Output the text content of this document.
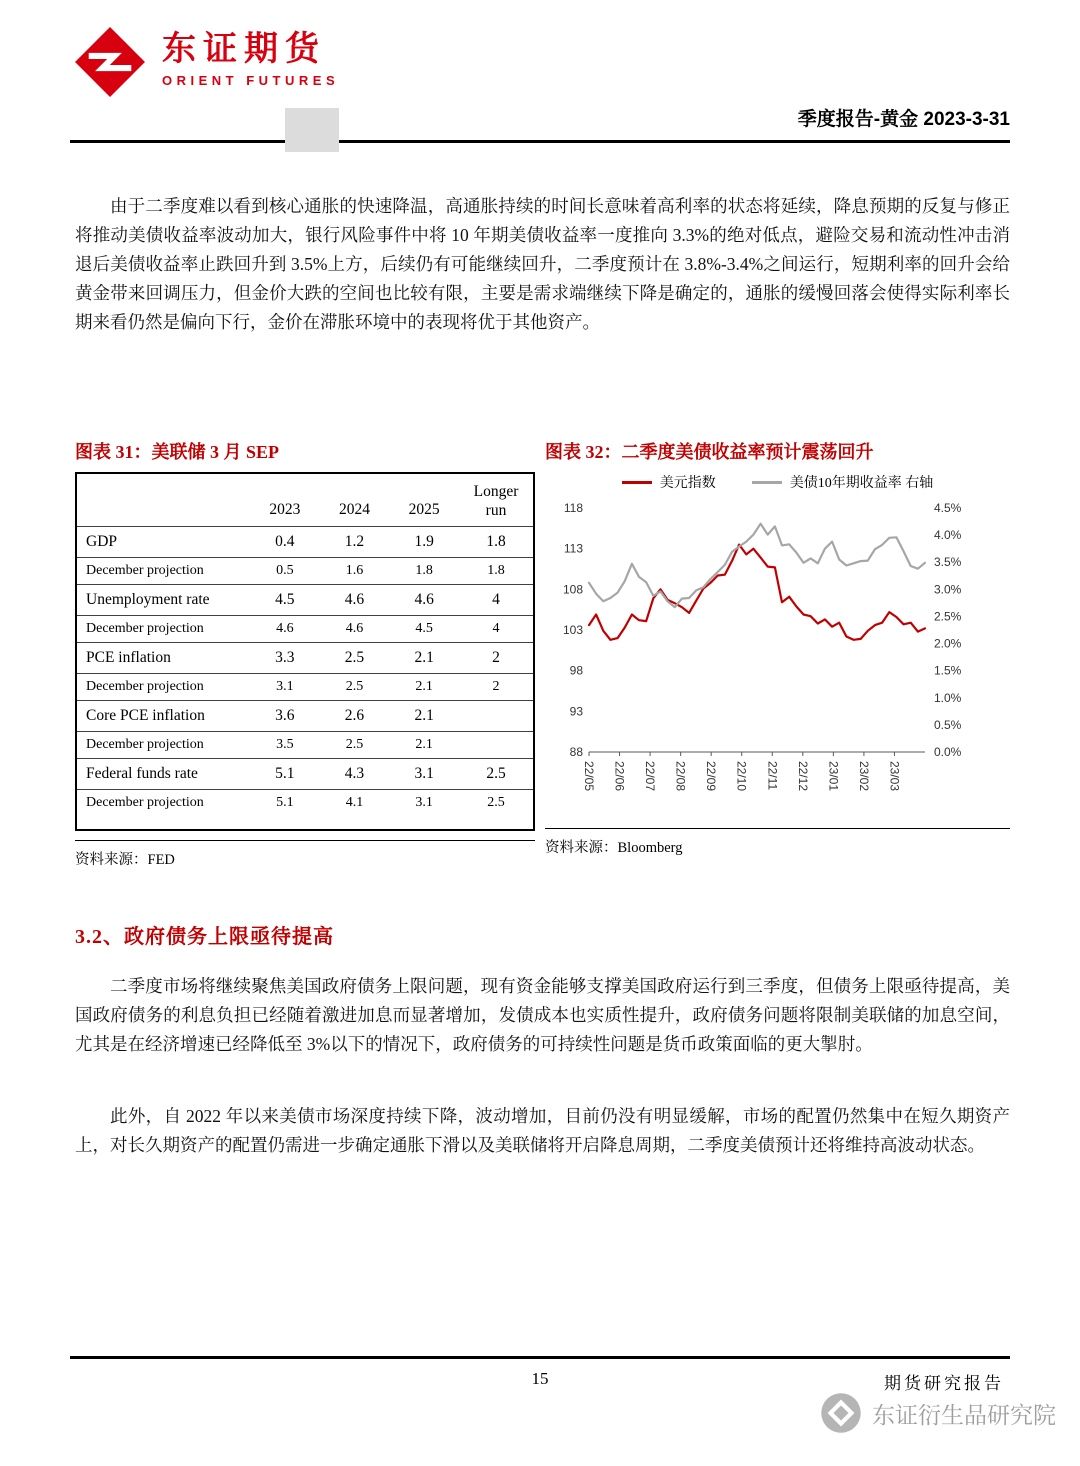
东证期货
ORIENT FUTURES
季度报告-黄金 2023-3-31
由于二季度难以看到核心通胀的快速降温，高通胀持续的时间长意味着高利率的状态将延续，降息预期的反复与修正将推动美债收益率波动加大，银行风险事件中将 10 年期美债收益率一度推向 3.3%的绝对低点，避险交易和流动性冲击消退后美债收益率止跌回升到 3.5%上方，后续仍有可能继续回升，二季度预计在 3.8%-3.4%之间运行，短期利率的回升会给黄金带来回调压力，但金价大跌的空间也比较有限，主要是需求端继续下降是确定的，通胀的缓慢回落会使得实际利率长期来看仍然是偏向下行，金价在滞胀环境中的表现将优于其他资产。
图表 31：美联储 3 月 SEP
	2023	2024	2025	Longer run
GDP	0.4	1.2	1.9	1.8
December projection	0.5	1.6	1.8	1.8
Unemployment rate	4.5	4.6	4.6	4
December projection	4.6	4.6	4.5	4
PCE inflation	3.3	2.5	2.1	2
December projection	3.1	2.5	2.1	2
Core PCE inflation	3.6	2.6	2.1	
December projection	3.5	2.5	2.1	
Federal funds rate	5.1	4.3	3.1	2.5
December projection	5.1	4.1	3.1	2.5
资料来源：FED
图表 32：二季度美债收益率预计震荡回升
美元指数	美债10年期收益率 右轴
118
113
108
103
98
93
88
4.5%
4.0%
3.5%
3.0%
2.5%
2.0%
1.5%
1.0%
0.5%
0.0%
22/05 22/06 22/07 22/08 22/09 22/10 22/11 22/12 23/01 23/02 23/03
资料来源：Bloomberg
3.2、政府债务上限亟待提高
二季度市场将继续聚焦美国政府债务上限问题，现有资金能够支撑美国政府运行到三季度，但债务上限亟待提高，美国政府债务的利息负担已经随着激进加息而显著增加，发债成本也实质性提升，政府债务问题将限制美联储的加息空间，尤其是在经济增速已经降低至 3%以下的情况下，政府债务的可持续性问题是货币政策面临的更大掣肘。
此外，自 2022 年以来美债市场深度持续下降，波动增加，目前仍没有明显缓解，市场的配置仍然集中在短久期资产上，对长久期资产的配置仍需进一步确定通胀下滑以及美联储将开启降息周期，二季度美债预计还将维持高波动状态。
15	期货研究报告
东证衍生品研究院
